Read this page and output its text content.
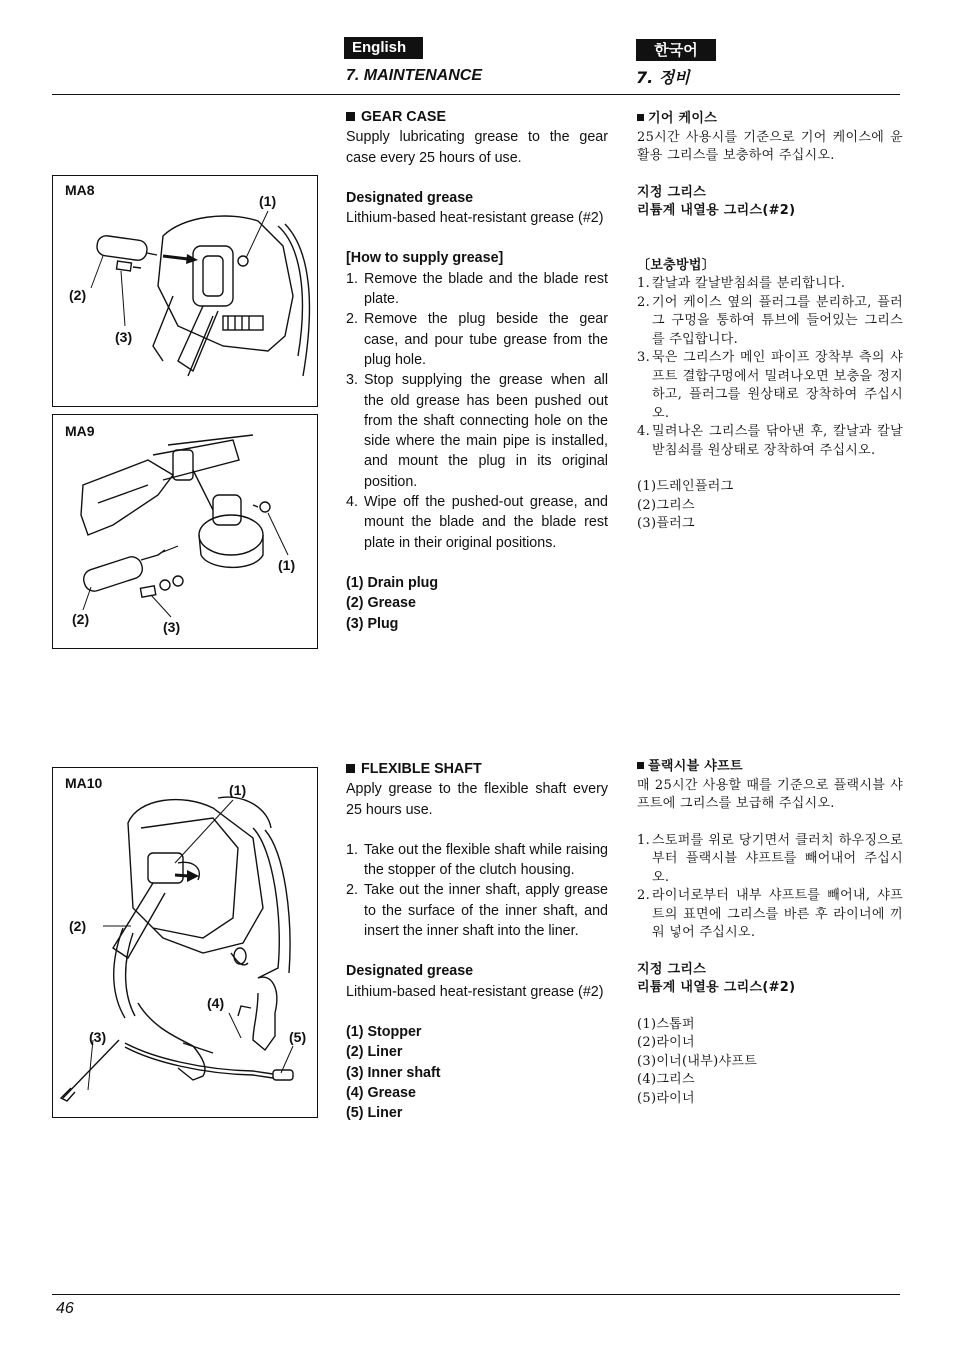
English
7. MAINTENANCE
한국어
7. 정비
MA8
(1)
(2)
(3)
MA9
(1)
(2)	(3)
MA10	(1)
(2)
(3)
(4)
(5)

GEAR CASE

Supply lubricating grease to the gear case every 25 hours of use.

Designated grease

Lithium-based heat-resistant grease (#2)

[How to supply grease]

1. Remove the blade and the blade rest plate.
2. Remove the plug beside the gear case, and pour tube grease from the plug hole.
3. Stop supplying the grease when all the old grease has been pushed out from the shaft connecting hole on the side where the main pipe is installed, and mount the plug in its original position.
4. Wipe off the pushed-out grease, and mount the blade and the blade rest plate in their original positions.

(1) Drain plug

(2) Grease

(3) Plug

기어 케이스

25시간 사용시를 기준으로 기어 케이스에 윤활용 그리스를 보충하여 주십시오.

지정 그리스

리튬계 내열용 그리스(#2)

〔보충방법〕

1. 칼날과 칼날받침쇠를 분리합니다.
2. 기어 케이스 옆의 플러그를 분리하고, 플러그 구멍을 통하여 튜브에 들어있는 그리스를 주입합니다.
3. 묵은 그리스가 메인 파이프 장착부 측의 샤프트 결합구멍에서 밀려나오면 보충을 정지하고, 플러그를 원상태로 장착하여 주십시오.
4. 밀려나온 그리스를 닦아낸 후, 칼날과 칼날받침쇠를 원상태로 장착하여 주십시오.

(1)드레인플러그

(2)그리스

(3)플러그

FLEXIBLE SHAFT

Apply grease to the flexible shaft every 25 hours use.

1. Take out the flexible shaft while raising the stopper of the clutch housing.
2. Take out the inner shaft, apply grease to the surface of the inner shaft, and insert the inner shaft into the liner.

Designated grease

Lithium-based heat-resistant grease (#2)

(1) Stopper

(2) Liner

(3) Inner shaft

(4) Grease

(5) Liner

플랙시블 샤프트

매 25시간 사용할 때를 기준으로 플랙시블 샤프트에 그리스를 보급해 주십시오.

1. 스토퍼를 위로 당기면서 클러치 하우징으로부터 플랙시블 샤프트를 빼어내어 주십시오.
2. 라이너로부터 내부 샤프트를 빼어내, 샤프트의 표면에 그리스를 바른 후 라이너에 끼워 넣어 주십시오.

지정 그리스

리튬계 내열용 그리스(#2)

(1)스톱퍼

(2)라이너

(3)이너(내부)샤프트

(4)그리스

(5)라이너

46
